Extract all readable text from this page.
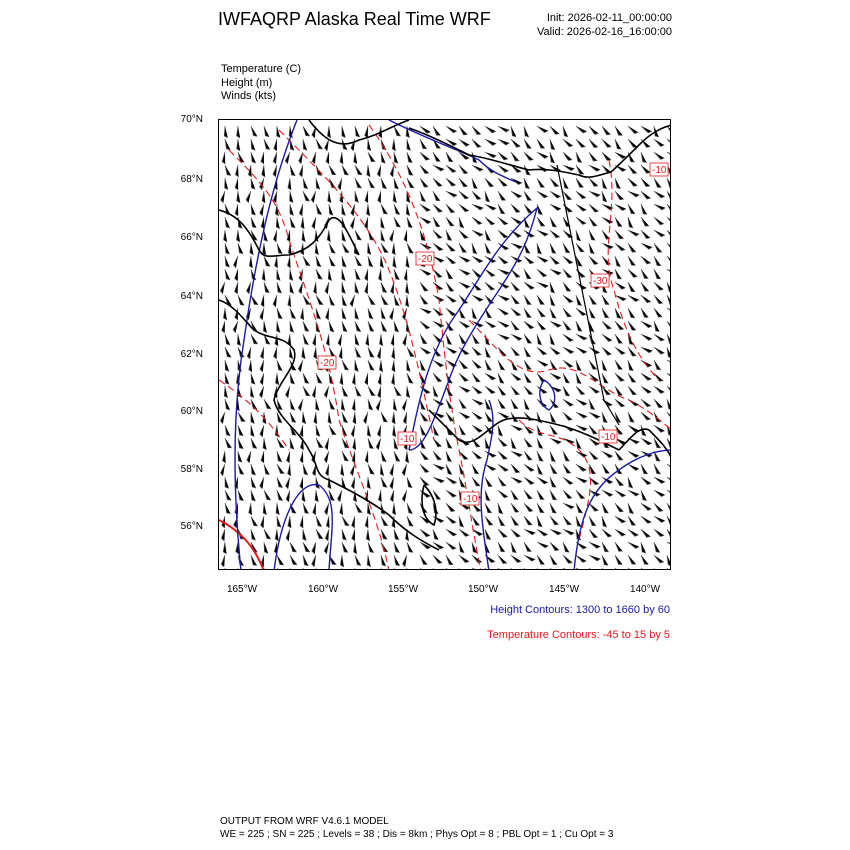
IWFAQRP Alaska Real Time WRF	Init: 2026-02-11_00:00:00
Valid: 2026-02-16_16:00:00
Temperature (C)
Height (m)
Winds (kts)
-20
-20
-30
-10
-10
-10
-10
70°N
68°N
66°N
64°N
62°N
60°N
58°N
56°N
165°W	160°W	155°W	150°W	145°W	140°W
Height Contours: 1300 to 1660 by 60
Temperature Contours: -45 to 15 by 5
OUTPUT FROM WRF V4.6.1 MODEL
WE = 225 ; SN = 225 ; Levels = 38 ; Dis = 8km ; Phys Opt = 8 ; PBL Opt = 1 ; Cu Opt = 3
